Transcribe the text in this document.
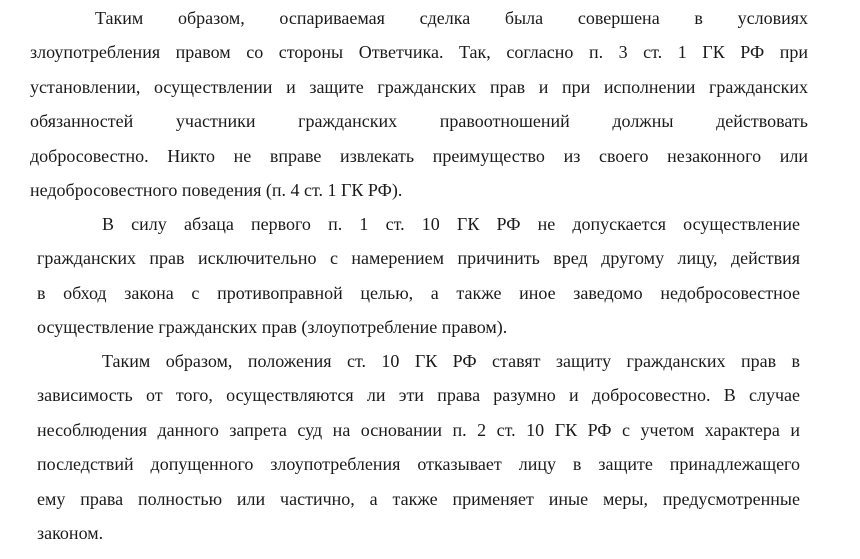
Таким образом, оспариваемая сделка была совершена в условиях
злоупотребления правом со стороны Ответчика. Так, согласно п. 3 ст. 1 ГК РФ при
установлении, осуществлении и защите гражданских прав и при исполнении гражданских
обязанностей участники гражданских правоотношений должны действовать
добросовестно. Никто не вправе извлекать преимущество из своего незаконного или
недобросовестного поведения (п. 4 ст. 1 ГК РФ).
В силу абзаца первого п. 1 ст. 10 ГК РФ не допускается осуществление
гражданских прав исключительно с намерением причинить вред другому лицу, действия
в обход закона с противоправной целью, а также иное заведомо недобросовестное
осуществление гражданских прав (злоупотребление правом).
Таким образом, положения ст. 10 ГК РФ ставят защиту гражданских прав в
зависимость от того, осуществляются ли эти права разумно и добросовестно. В случае
несоблюдения данного запрета суд на основании п. 2 ст. 10 ГК РФ с учетом характера и
последствий допущенного злоупотребления отказывает лицу в защите принадлежащего
ему права полностью или частично, а также применяет иные меры, предусмотренные
законом.
